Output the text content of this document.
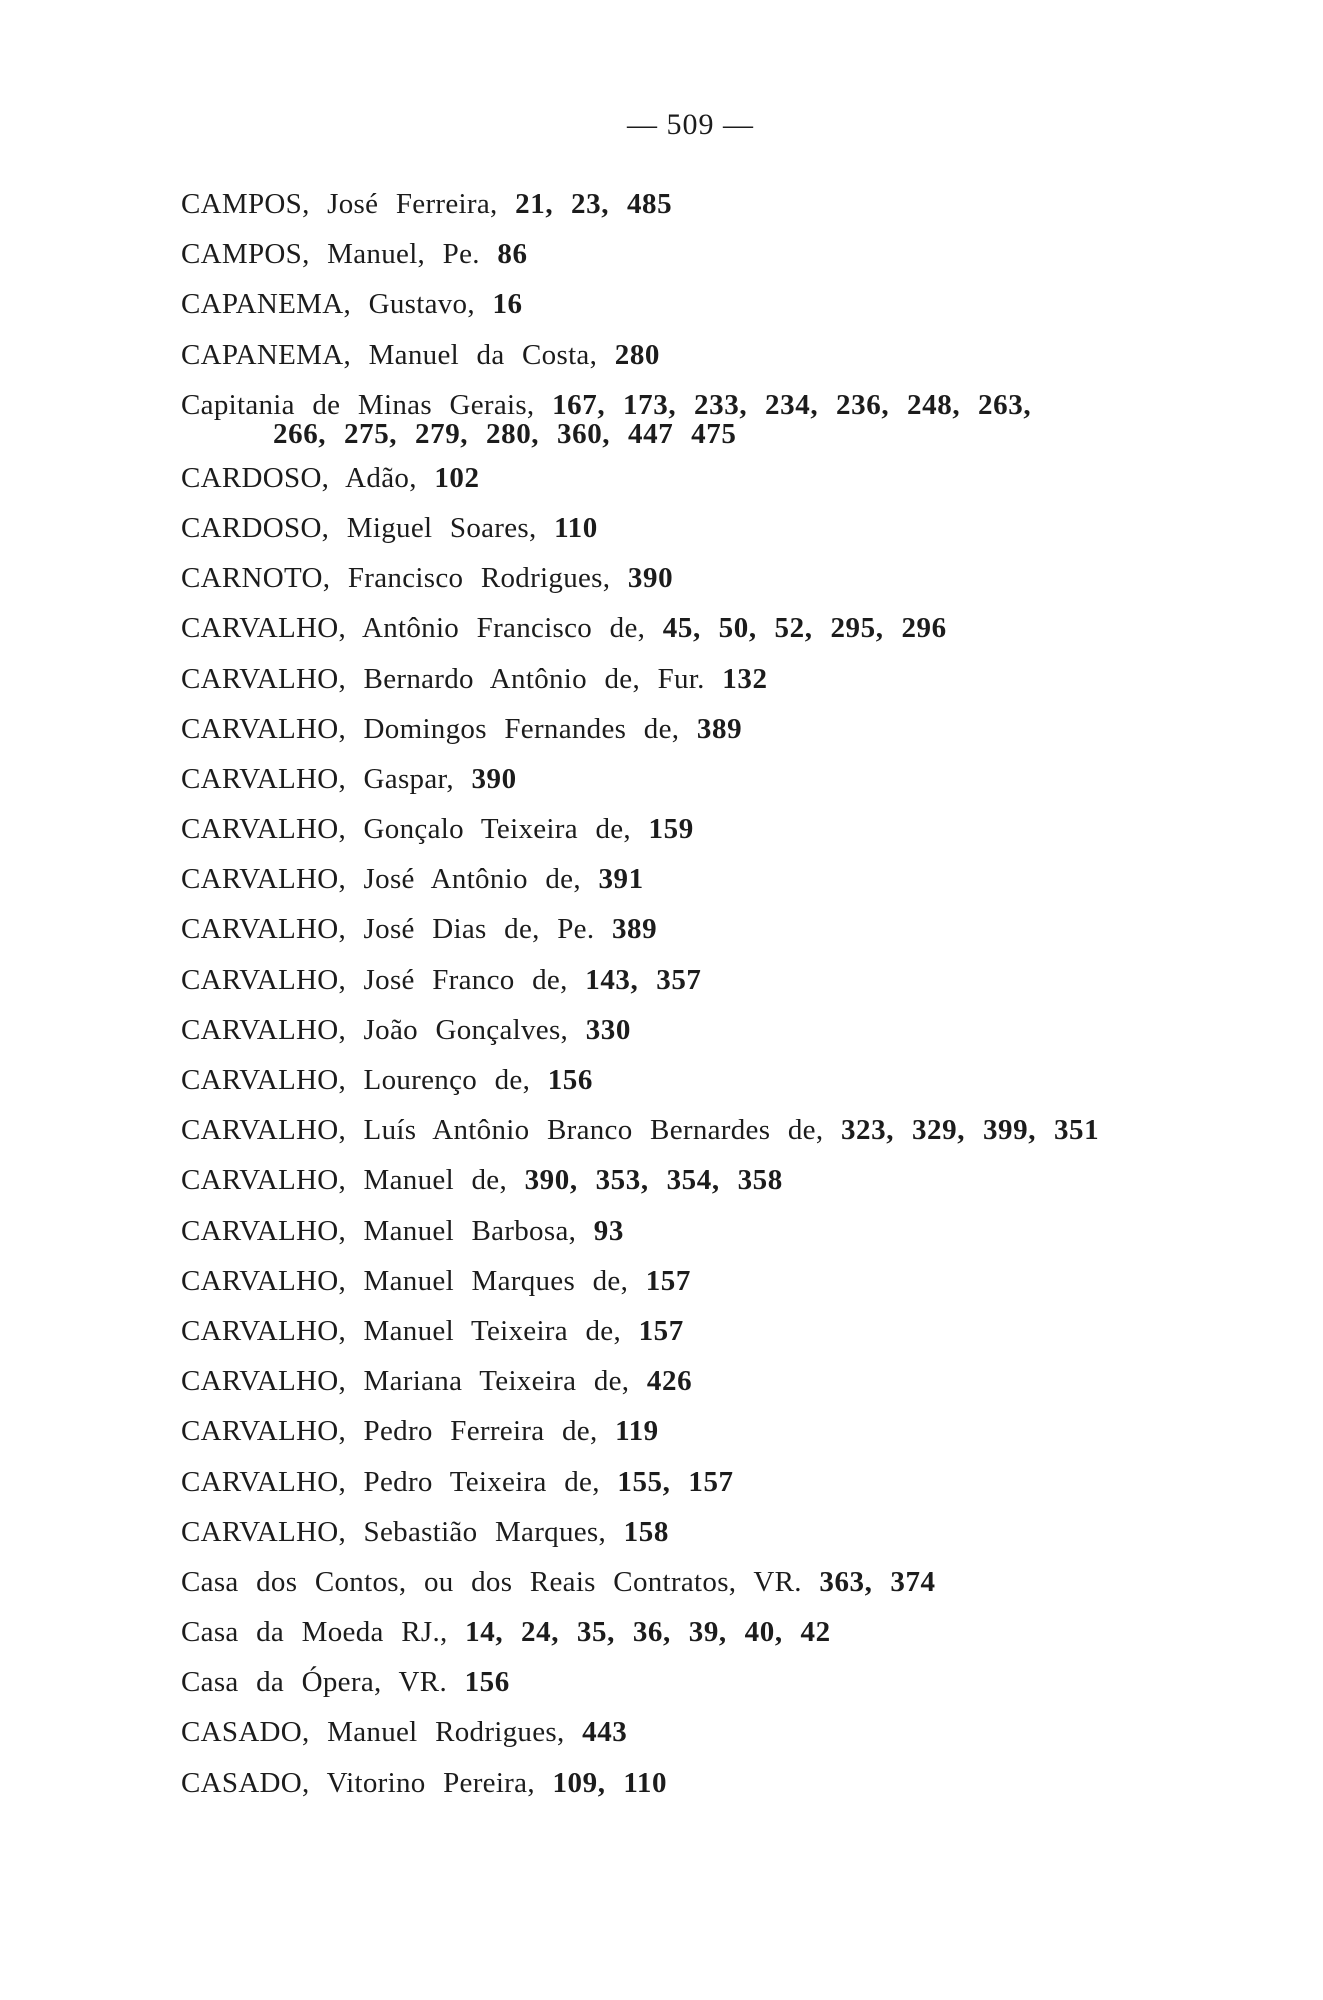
— 509 —
CAMPOS, José Ferreira, 21, 23, 485
CAMPOS, Manuel, Pe. 86
CAPANEMA, Gustavo, 16
CAPANEMA, Manuel da Costa, 280
Capitania de Minas Gerais, 167, 173, 233, 234, 236, 248, 263,
266, 275, 279, 280, 360, 447 475
CARDOSO, Adão, 102
CARDOSO, Miguel Soares, 110
CARNOTO, Francisco Rodrigues, 390
CARVALHO, Antônio Francisco de, 45, 50, 52, 295, 296
CARVALHO, Bernardo Antônio de, Fur. 132
CARVALHO, Domingos Fernandes de, 389
CARVALHO, Gaspar, 390
CARVALHO, Gonçalo Teixeira de, 159
CARVALHO, José Antônio de, 391
CARVALHO, José Dias de, Pe. 389
CARVALHO, José Franco de, 143, 357
CARVALHO, João Gonçalves, 330
CARVALHO, Lourenço de, 156
CARVALHO, Luís Antônio Branco Bernardes de, 323, 329, 399, 351
CARVALHO, Manuel de, 390, 353, 354, 358
CARVALHO, Manuel Barbosa, 93
CARVALHO, Manuel Marques de, 157
CARVALHO, Manuel Teixeira de, 157
CARVALHO, Mariana Teixeira de, 426
CARVALHO, Pedro Ferreira de, 119
CARVALHO, Pedro Teixeira de, 155, 157
CARVALHO, Sebastião Marques, 158
Casa dos Contos, ou dos Reais Contratos, VR. 363, 374
Casa da Moeda RJ., 14, 24, 35, 36, 39, 40, 42
Casa da Ópera, VR. 156
CASADO, Manuel Rodrigues, 443
CASADO, Vitorino Pereira, 109, 110
